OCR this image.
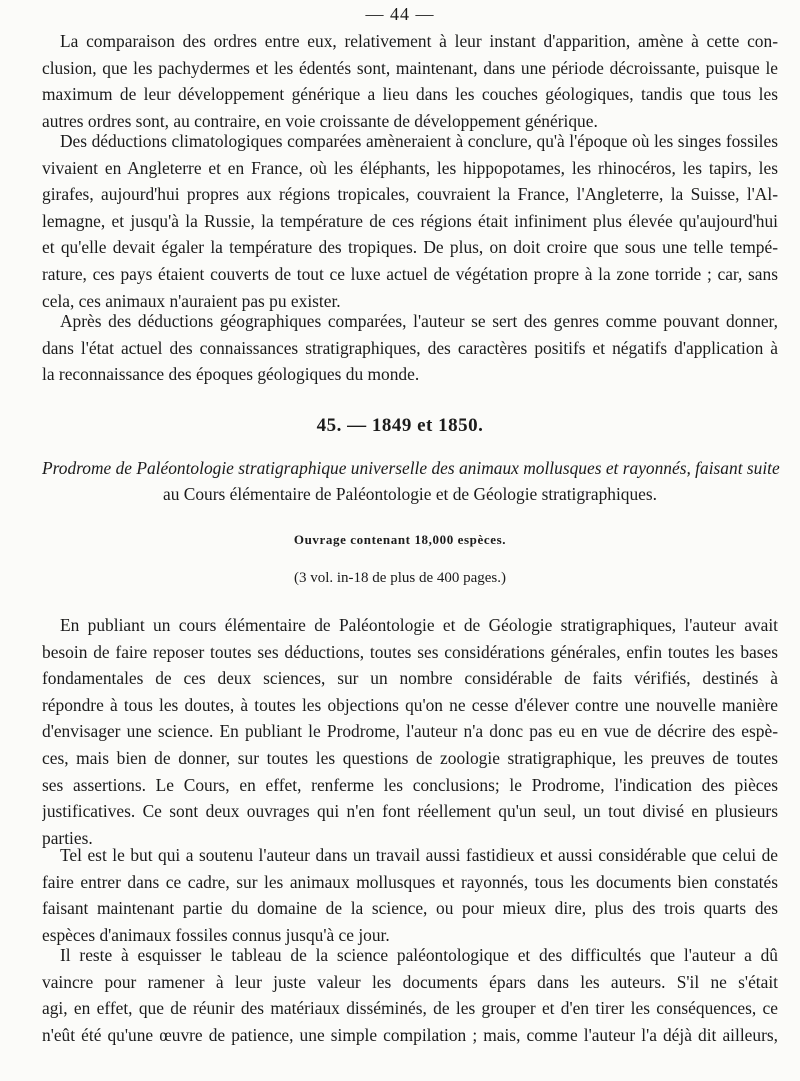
— 44 —
La comparaison des ordres entre eux, relativement à leur instant d'apparition, amène à cette con-
clusion, que les pachydermes et les édentés sont, maintenant, dans une période décroissante, puisque le
maximum de leur développement générique a lieu dans les couches géologiques, tandis que tous les
autres ordres sont, au contraire, en voie croissante de développement générique.
Des déductions climatologiques comparées amèneraient à conclure, qu'à l'époque où les singes fossiles
vivaient en Angleterre et en France, où les éléphants, les hippopotames, les rhinocéros, les tapirs, les
girafes, aujourd'hui propres aux régions tropicales, couvraient la France, l'Angleterre, la Suisse, l'Al-
lemagne, et jusqu'à la Russie, la température de ces régions était infiniment plus élevée qu'aujourd'hui
et qu'elle devait égaler la température des tropiques. De plus, on doit croire que sous une telle tempé-
rature, ces pays étaient couverts de tout ce luxe actuel de végétation propre à la zone torride ; car, sans
cela, ces animaux n'auraient pas pu exister.
Après des déductions géographiques comparées, l'auteur se sert des genres comme pouvant donner,
dans l'état actuel des connaissances stratigraphiques, des caractères positifs et négatifs d'application à
la reconnaissance des époques géologiques du monde.
45. — 1849 et 1850.
Prodrome de Paléontologie stratigraphique universelle des animaux mollusques et rayonnés, faisant suite
au Cours élémentaire de Paléontologie et de Géologie stratigraphiques.
Ouvrage contenant 18,000 espèces.
(3 vol. in-18 de plus de 400 pages.)
En publiant un cours élémentaire de Paléontologie et de Géologie stratigraphiques, l'auteur avait
besoin de faire reposer toutes ses déductions, toutes ses considérations générales, enfin toutes les bases
fondamentales de ces deux sciences, sur un nombre considérable de faits vérifiés, destinés à
répondre à tous les doutes, à toutes les objections qu'on ne cesse d'élever contre une nouvelle manière
d'envisager une science. En publiant le Prodrome, l'auteur n'a donc pas eu en vue de décrire des espè-
ces, mais bien de donner, sur toutes les questions de zoologie stratigraphique, les preuves de toutes
ses assertions. Le Cours, en effet, renferme les conclusions; le Prodrome, l'indication des pièces
justificatives. Ce sont deux ouvrages qui n'en font réellement qu'un seul, un tout divisé en plusieurs
parties.
Tel est le but qui a soutenu l'auteur dans un travail aussi fastidieux et aussi considérable que celui de
faire entrer dans ce cadre, sur les animaux mollusques et rayonnés, tous les documents bien constatés
faisant maintenant partie du domaine de la science, ou pour mieux dire, plus des trois quarts des
espèces d'animaux fossiles connus jusqu'à ce jour.
Il reste à esquisser le tableau de la science paléontologique et des difficultés que l'auteur a dû
vaincre pour ramener à leur juste valeur les documents épars dans les auteurs. S'il ne s'était
agi, en effet, que de réunir des matériaux disséminés, de les grouper et d'en tirer les conséquences, ce
n'eût été qu'une œuvre de patience, une simple compilation ; mais, comme l'auteur l'a déjà dit ailleurs,
